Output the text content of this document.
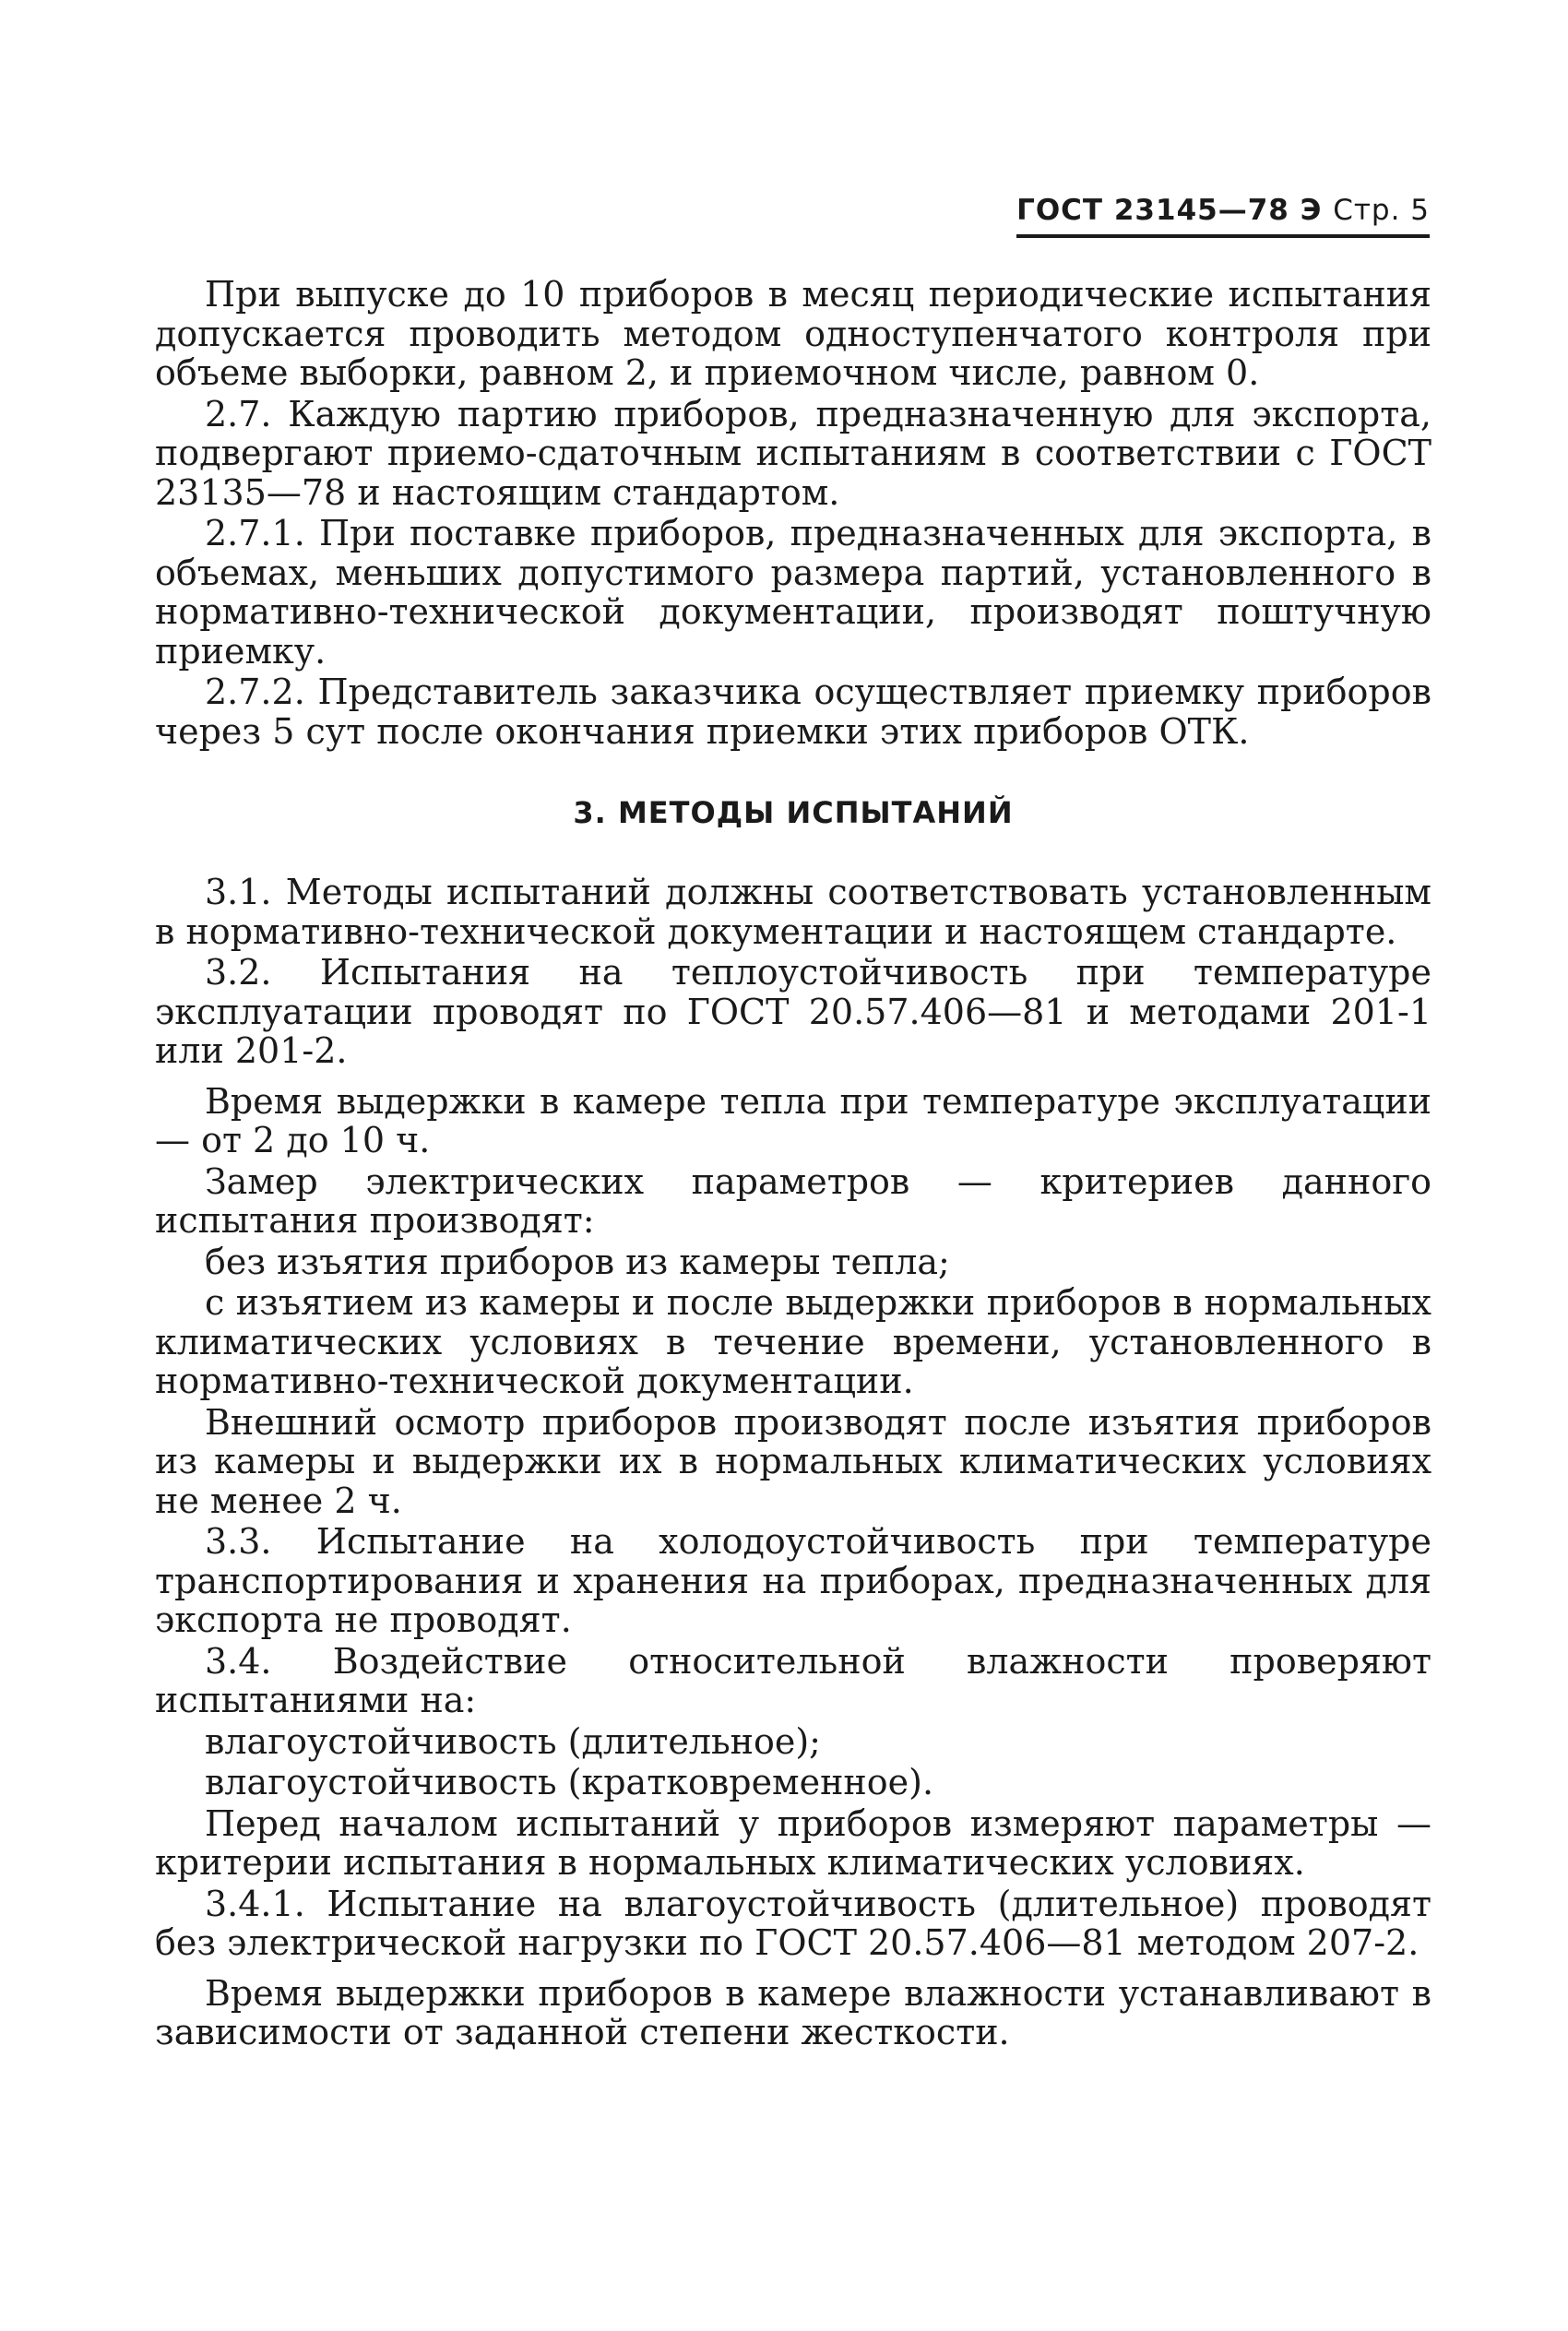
ГОСТ 23145—78 Э Стр. 5

При выпуске до 10 приборов в месяц периодические испытания допускается проводить методом одноступенчатого контроля при объеме выборки, равном 2, и приемочном числе, равном 0.

2.7. Каждую партию приборов, предназначенную для экспорта, подвергают приемо-сдаточным испытаниям в соответствии с ГОСТ 23135—78 и настоящим стандартом.

2.7.1. При поставке приборов, предназначенных для экспорта, в объемах, меньших допустимого размера партий, установленного в нормативно-технической документации, производят поштучную приемку.

2.7.2. Представитель заказчика осуществляет приемку приборов через 5 сут после окончания приемки этих приборов ОТК.

3. МЕТОДЫ ИСПЫТАНИЙ

3.1. Методы испытаний должны соответствовать установленным в нормативно-технической документации и настоящем стандарте.

3.2. Испытания на теплоустойчивость при температуре эксплуатации проводят по ГОСТ 20.57.406—81 и методами 201-1 или 201-2.

Время выдержки в камере тепла при температуре эксплуатации — от 2 до 10 ч.

Замер электрических параметров — критериев данного испытания производят:

без изъятия приборов из камеры тепла;

с изъятием из камеры и после выдержки приборов в нормальных климатических условиях в течение времени, установленного в нормативно-технической документации.

Внешний осмотр приборов производят после изъятия приборов из камеры и выдержки их в нормальных климатических условиях не менее 2 ч.

3.3. Испытание на холодоустойчивость при температуре транспортирования и хранения на приборах, предназначенных для экспорта не проводят.

3.4. Воздействие относительной влажности проверяют испытаниями на:

влагоустойчивость (длительное);

влагоустойчивость (кратковременное).

Перед началом испытаний у приборов измеряют параметры — критерии испытания в нормальных климатических условиях.

3.4.1. Испытание на влагоустойчивость (длительное) проводят без электрической нагрузки по ГОСТ 20.57.406—81 методом 207-2.

Время выдержки приборов в камере влажности устанавливают в зависимости от заданной степени жесткости.
